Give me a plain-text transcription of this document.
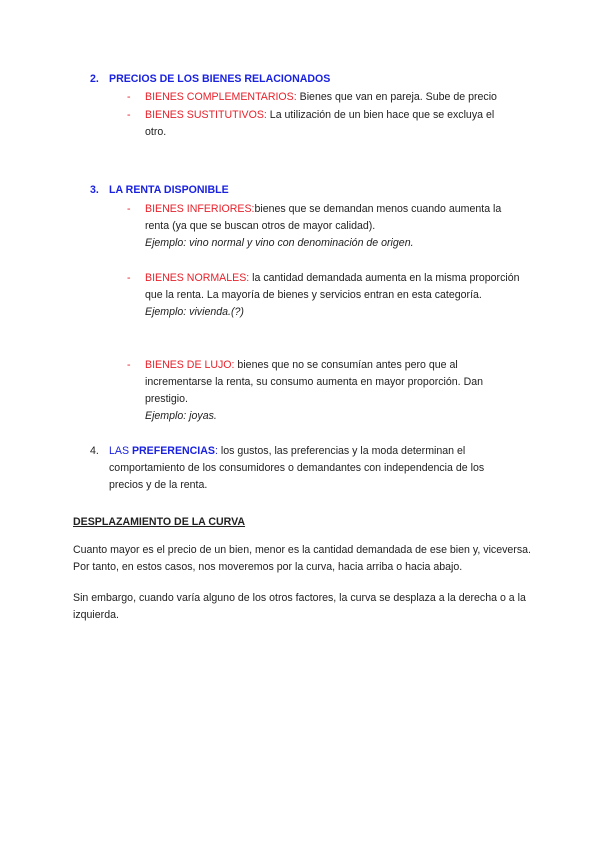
2. PRECIOS DE LOS BIENES RELACIONADOS
- BIENES COMPLEMENTARIOS: Bienes que van en pareja. Sube de precio
- BIENES SUSTITUTIVOS: La utilización de un bien hace que se excluya el otro.
3. LA RENTA DISPONIBLE
- BIENES INFERIORES:bienes que se demandan menos cuando aumenta la renta (ya que se buscan otros de mayor calidad).
Ejemplo: vino normal y vino con denominación de origen.
- BIENES NORMALES: la cantidad demandada aumenta en la misma proporción que la renta. La mayoría de bienes y servicios entran en esta categoría.
Ejemplo: vivienda.(?)
- BIENES DE LUJO: bienes que no se consumían antes pero que al incrementarse la renta, su consumo aumenta en mayor proporción. Dan prestigio.
Ejemplo: joyas.
4. LAS PREFERENCIAS: los gustos, las preferencias y la moda determinan el comportamiento de los consumidores o demandantes con independencia de los precios y de la renta.
DESPLAZAMIENTO DE LA CURVA
Cuanto mayor es el precio de un bien, menor es la cantidad demandada de ese bien y, viceversa. Por tanto, en estos casos, nos moveremos por la curva, hacia arriba o hacia abajo.
Sin embargo, cuando varía alguno de los otros factores, la curva se desplaza a la derecha o a la izquierda.
